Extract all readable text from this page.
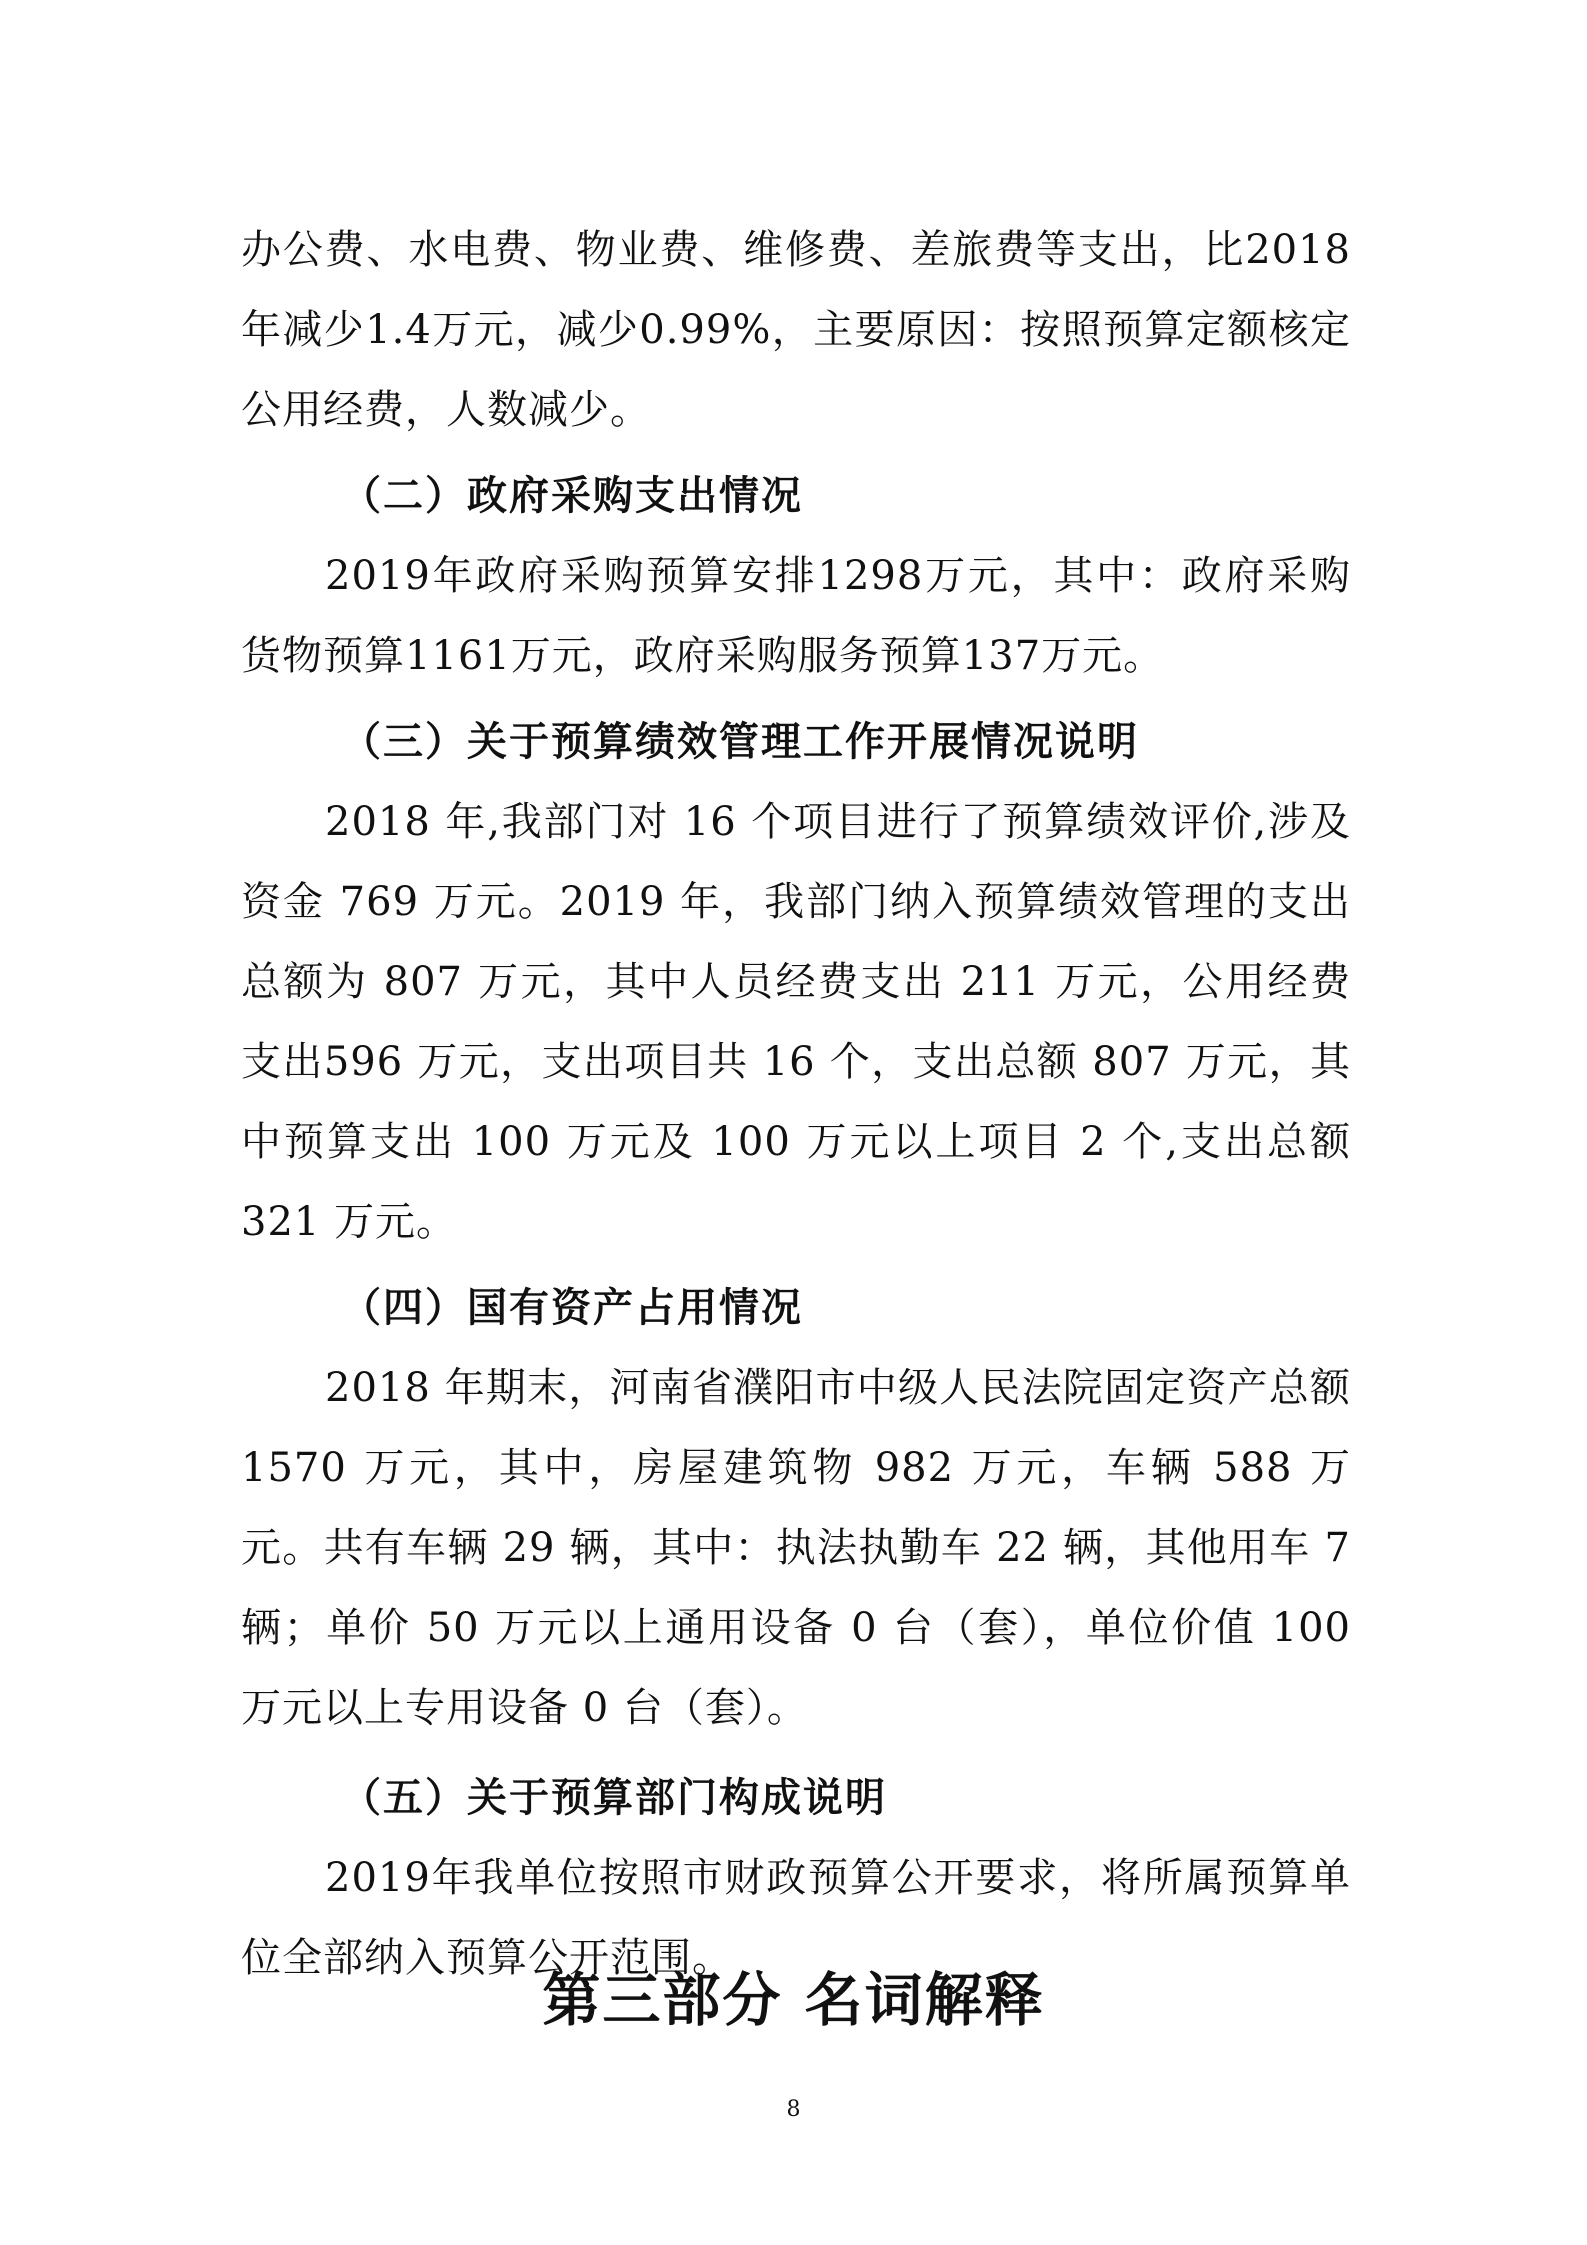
办公费、水电费、物业费、维修费、差旅费等支出，比2018年减少1.4万元，减少0.99%，主要原因：按照预算定额核定公用经费，人数减少。

（二）政府采购支出情况

2019年政府采购预算安排1298万元，其中：政府采购货物预算1161万元，政府采购服务预算137万元。

（三）关于预算绩效管理工作开展情况说明

2018 年,我部门对 16 个项目进行了预算绩效评价,涉及资金 769 万元。2019 年，我部门纳入预算绩效管理的支出总额为 807 万元，其中人员经费支出 211 万元，公用经费支出596 万元，支出项目共 16 个，支出总额 807 万元，其中预算支出 100 万元及 100 万元以上项目 2 个,支出总额 321 万元。

（四）国有资产占用情况

2018 年期末，河南省濮阳市中级人民法院固定资产总额1570 万元，其中，房屋建筑物 982 万元，车辆 588 万元。共有车辆 29 辆，其中：执法执勤车 22 辆，其他用车 7 辆；单价 50 万元以上通用设备 0 台（套），单位价值 100 万元以上专用设备 0 台（套）。

（五）关于预算部门构成说明

2019年我单位按照市财政预算公开要求，将所属预算单位全部纳入预算公开范围。

第三部分 名词解释

8
